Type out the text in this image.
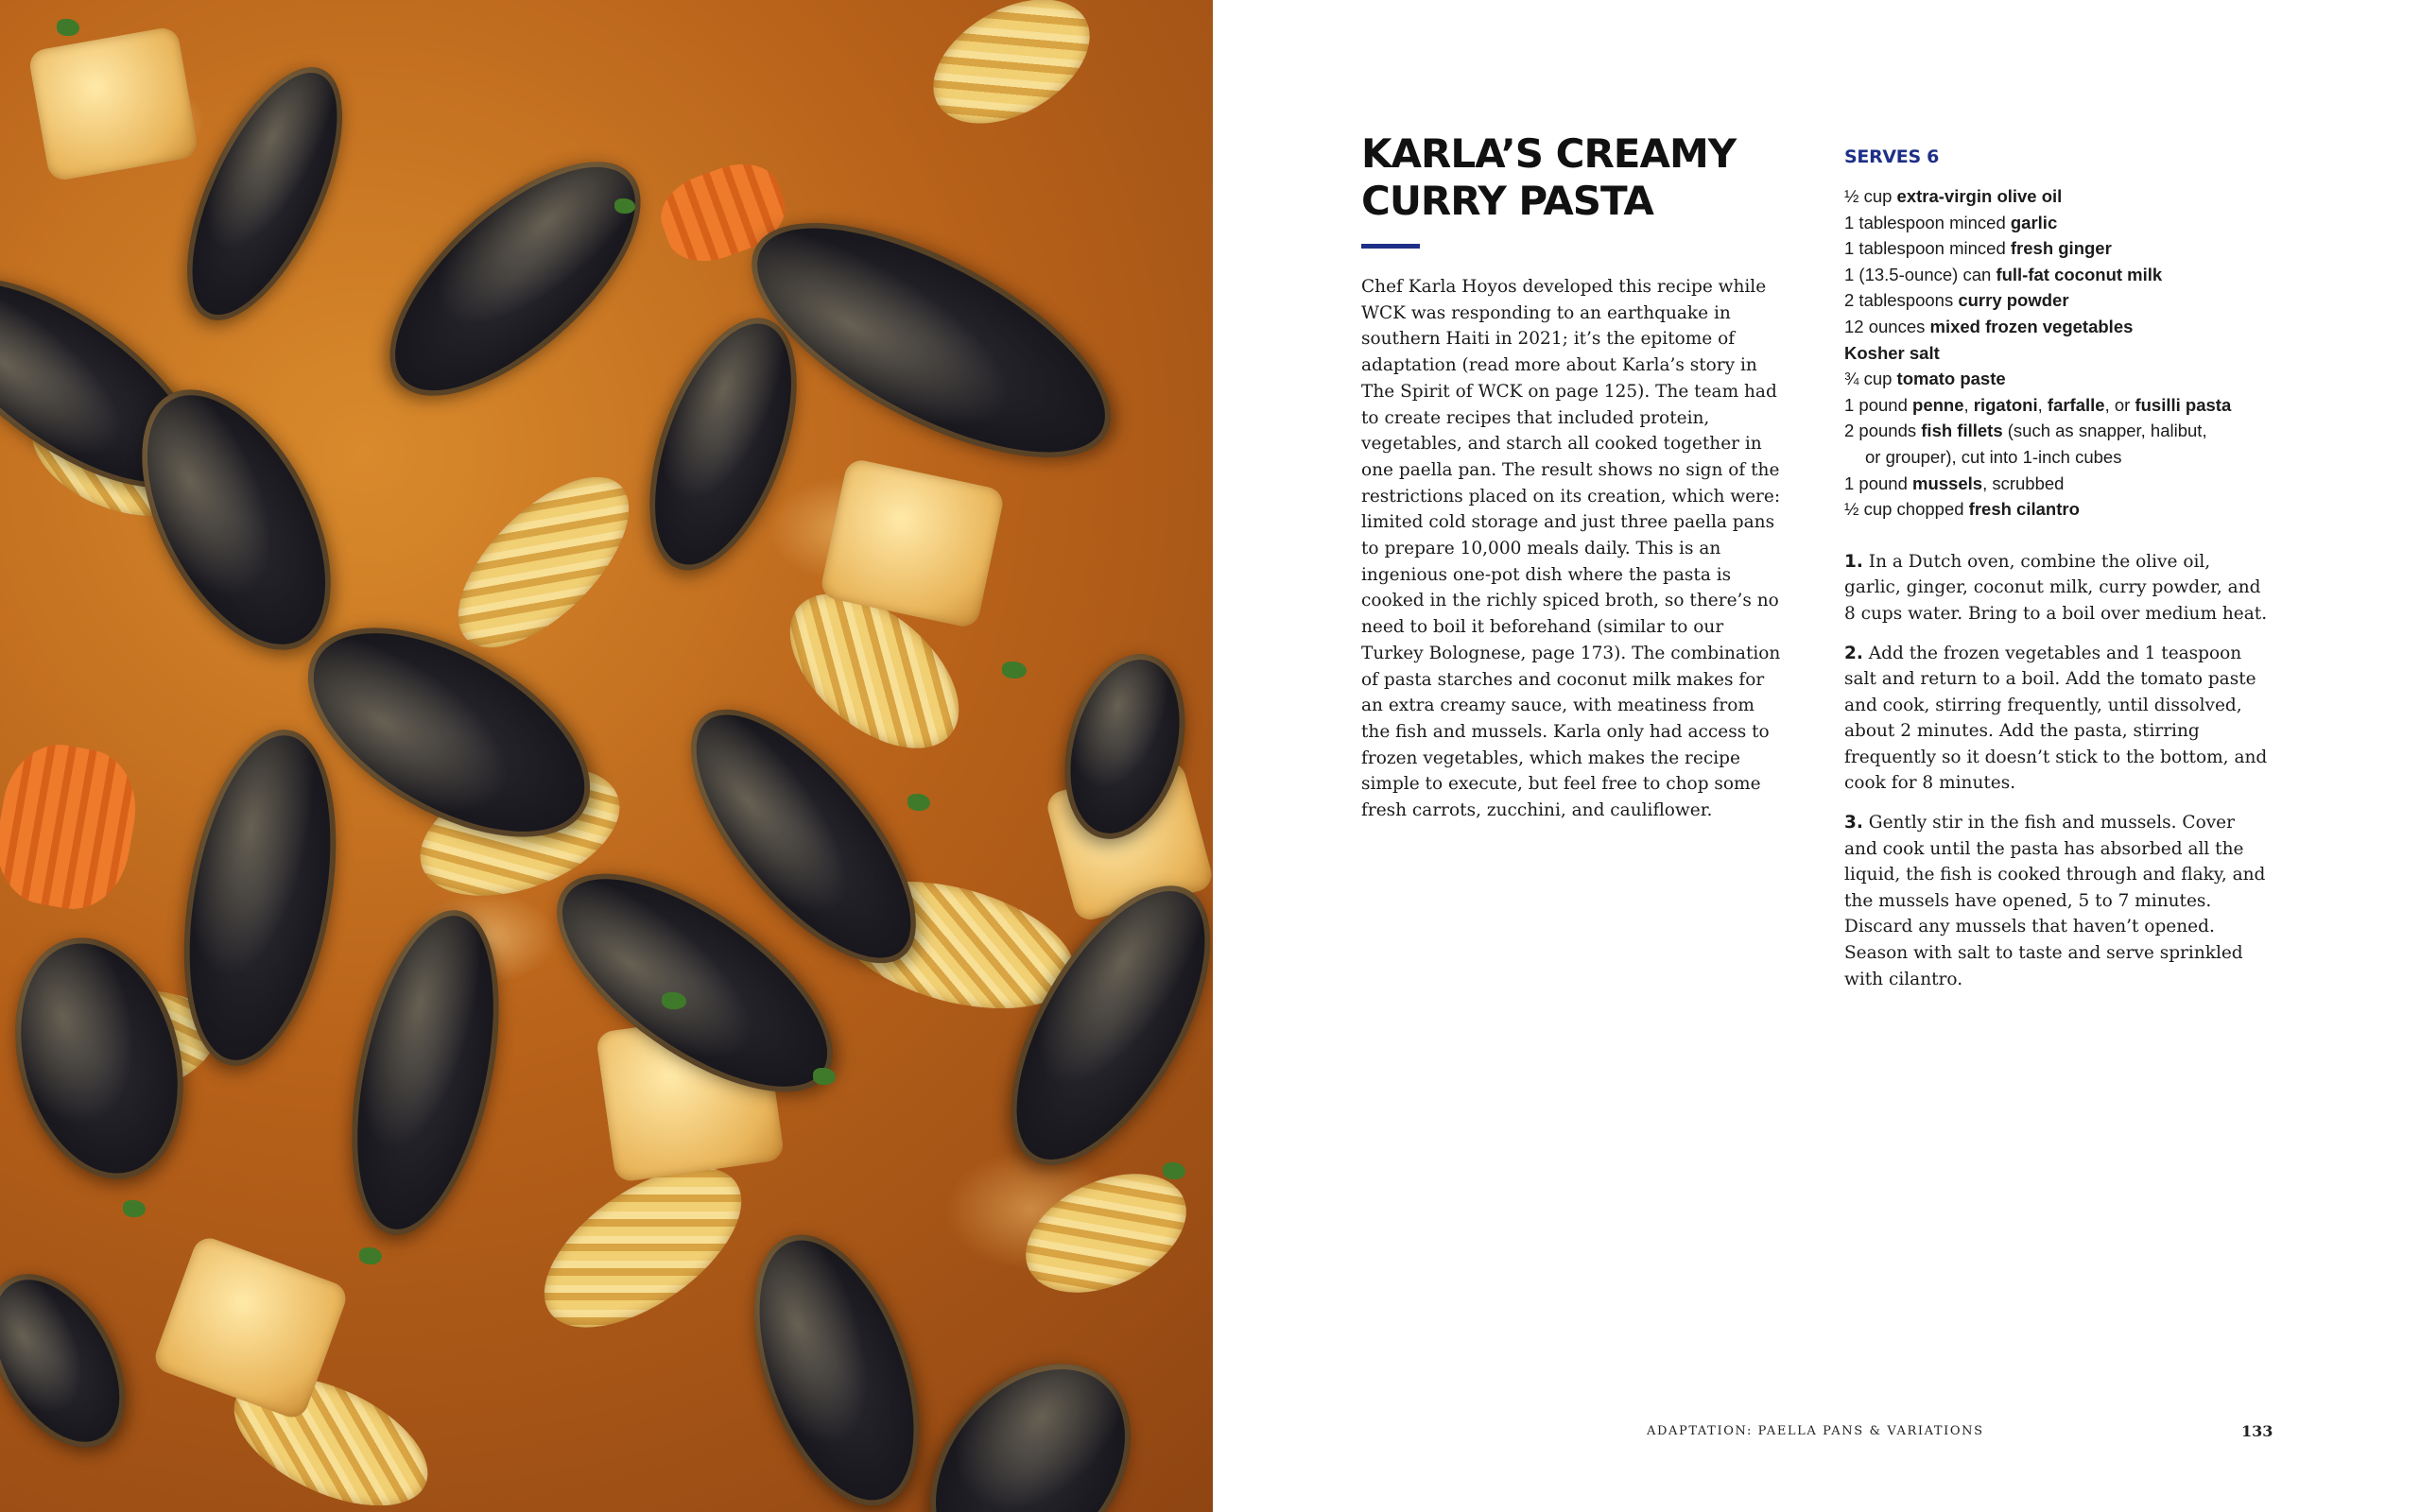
KARLA’S CREAMY
CURRY PASTA

Chef Karla Hoyos developed this recipe while WCK was responding to an earthquake in southern Haiti in 2021; it’s the epitome of adaptation (read more about Karla’s story in The Spirit of WCK on page 125). The team had to create recipes that included protein, vegetables, and starch all cooked together in one paella pan. The result shows no sign of the restrictions placed on its creation, which were: limited cold storage and just three paella pans to prepare 10,000 meals daily. This is an ingenious one-pot dish where the pasta is cooked in the richly spiced broth, so there’s no need to boil it beforehand (similar to our Turkey Bolognese, page 173). The combination of pasta starches and coconut milk makes for an extra creamy sauce, with meatiness from the fish and mussels. Karla only had access to frozen vegetables, which makes the recipe simple to execute, but feel free to chop some fresh carrots, zucchini, and cauliflower.

SERVES 6
½ cup extra-virgin olive oil
1 tablespoon minced garlic
1 tablespoon minced fresh ginger
1 (13.5-ounce) can full-fat coconut milk
2 tablespoons curry powder
12 ounces mixed frozen vegetables
Kosher salt
¾ cup tomato paste
1 pound penne, rigatoni, farfalle, or fusilli pasta
2 pounds fish fillets (such as snapper, halibut,
or grouper), cut into 1-inch cubes
1 pound mussels, scrubbed
½ cup chopped fresh cilantro

1. In a Dutch oven, combine the olive oil, garlic, ginger, coconut milk, curry powder, and 8 cups water. Bring to a boil over medium heat.

2. Add the frozen vegetables and 1 teaspoon salt and return to a boil. Add the tomato paste and cook, stirring frequently, until dissolved, about 2 minutes. Add the pasta, stirring frequently so it doesn’t stick to the bottom, and cook for 8 minutes.

3. Gently stir in the fish and mussels. Cover and cook until the pasta has absorbed all the liquid, the fish is cooked through and flaky, and the mussels have opened, 5 to 7 minutes. Discard any mussels that haven’t opened. Season with salt to taste and serve sprinkled with cilantro.

ADAPTATION: PAELLA PANS & VARIATIONS	133
